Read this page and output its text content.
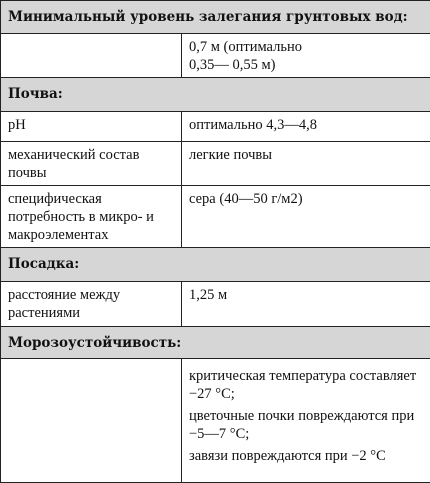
Минимальный уровень залегания грунтовых вод:	

	0,7 м (оптимально
0,35— 0,55 м)

Почва:	
pH	оптимально 4,3—4,8
механический состав почвы	легкие почвы
специфическая потребность в микро- и макроэлементах	сера (40—50 г/м2)
Посадка:	
расстояние между растениями	1,25 м
Морозоустойчивость:	

	критическая температура составляет −27 °С;
цветочные почки повреждаются при −5—7 °С;
завязи повреждаются при −2 °С
